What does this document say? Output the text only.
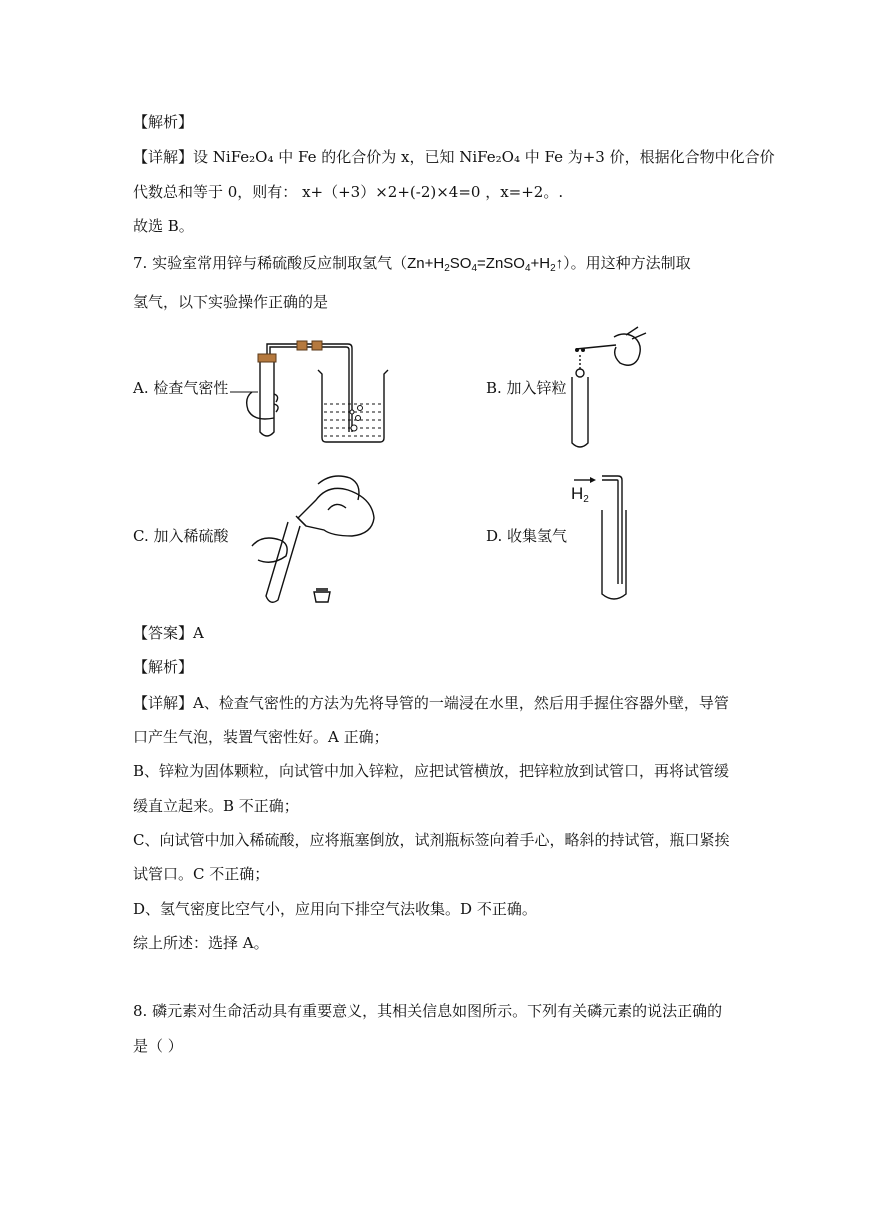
【解析】
【详解】设 NiFe₂O₄ 中 Fe 的化合价为 x，已知 NiFe₂O₄ 中 Fe 为+3 价，根据化合物中化合价
代数总和等于 0，则有： x+（+3）×2+(-2)×4=0 ，x=+2。.
故选 B。
7. 实验室常用锌与稀硫酸反应制取氢气$(Zn+H_2SO_4=ZnSO_4+H_2↑)$。用这种方法制取
氢气，以下实验操作正确的是
A. 检查气密性	B. 加入锌粒
C. 加入稀硫酸	D. 收集氢气
$H_2$
【答案】A
【解析】
【详解】A、检查气密性的方法为先将导管的一端浸在水里，然后用手握住容器外壁，导管
口产生气泡，装置气密性好。A 正确；
B、锌粒为固体颗粒，向试管中加入锌粒，应把试管横放，把锌粒放到试管口，再将试管缓
缓直立起来。B 不正确；
C、向试管中加入稀硫酸，应将瓶塞倒放，试剂瓶标签向着手心，略斜的持试管，瓶口紧挨
试管口。C 不正确；
D、氢气密度比空气小，应用向下排空气法收集。D 不正确。
综上所述：选择 A。
8. 磷元素对生命活动具有重要意义，其相关信息如图所示。下列有关磷元素的说法正确的
是（ ）
